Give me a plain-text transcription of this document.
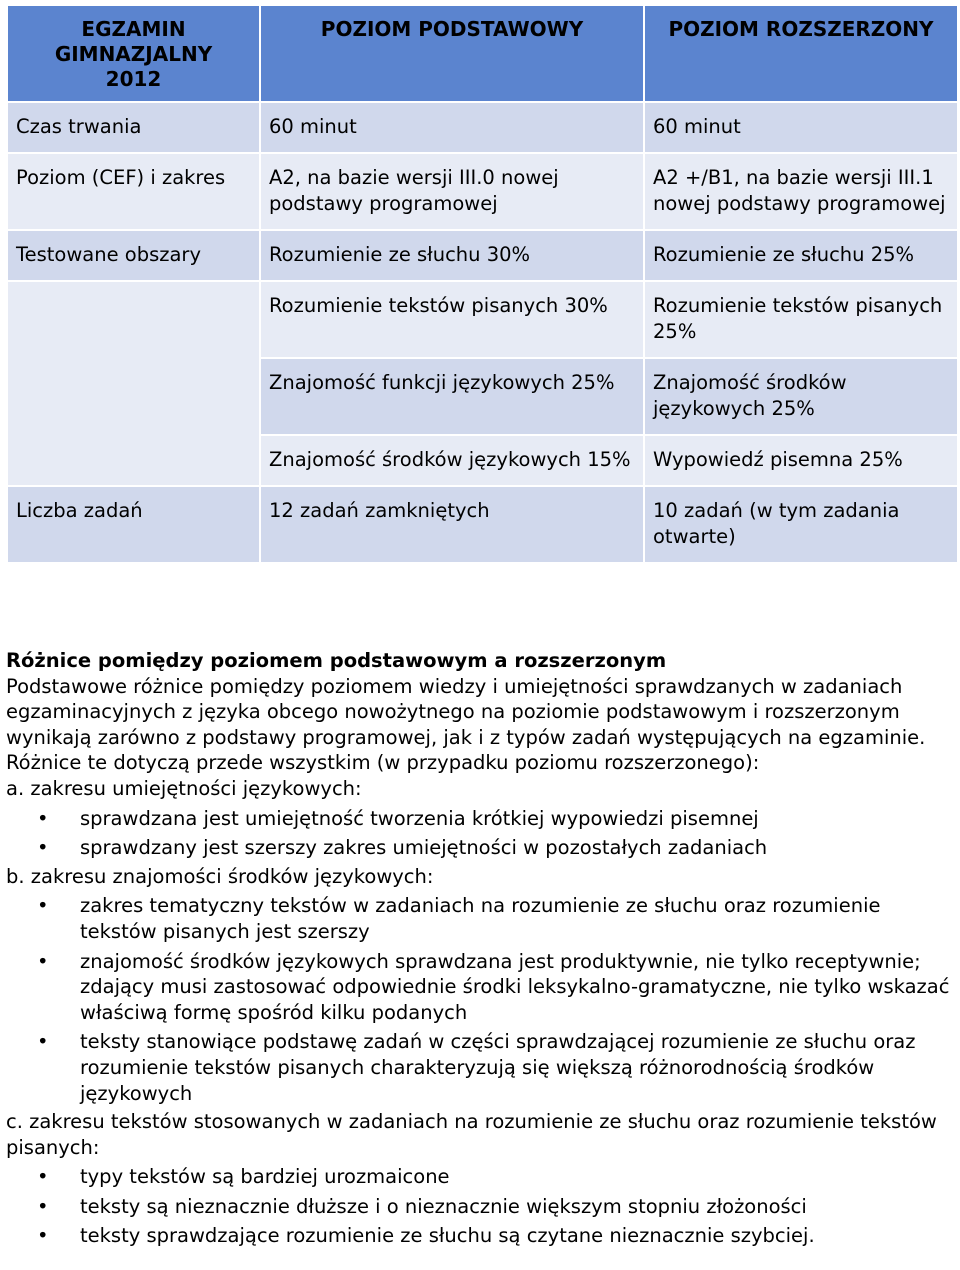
EGZAMIN GIMNAZJALNY 2012	POZIOM PODSTAWOWY	POZIOM ROZSZERZONY
Czas trwania	60 minut	60 minut
Poziom (CEF) i zakres	A2, na bazie wersji III.0 nowej podstawy programowej	A2 +/B1, na bazie wersji III.1 nowej podstawy programowej
Testowane obszary	Rozumienie ze słuchu 30%	Rozumienie ze słuchu 25%
	Rozumienie tekstów pisanych 30%	Rozumienie tekstów pisanych 25%
	Znajomość funkcji językowych 25%	Znajomość środków językowych 25%
	Znajomość środków językowych 15%	Wypowiedź pisemna 25%
Liczba zadań	12 zadań zamkniętych	10 zadań (w tym zadania otwarte)

Różnice pomiędzy poziomem podstawowym a rozszerzonym

Podstawowe różnice pomiędzy poziomem wiedzy i umiejętności sprawdzanych w zadaniach egzaminacyjnych z języka obcego nowożytnego na poziomie podstawowym i rozszerzonym wynikają zarówno z podstawy programowej, jak i z typów zadań występujących na egzaminie.

Różnice te dotyczą przede wszystkim (w przypadku poziomu rozszerzonego):

a. zakresu umiejętności językowych:

• sprawdzana jest umiejętność tworzenia krótkiej wypowiedzi pisemnej
• sprawdzany jest szerszy zakres umiejętności w pozostałych zadaniach

b. zakresu znajomości środków językowych:

• zakres tematyczny tekstów w zadaniach na rozumienie ze słuchu oraz rozumienie tekstów pisanych jest szerszy
• znajomość środków językowych sprawdzana jest produktywnie, nie tylko receptywnie; zdający musi zastosować odpowiednie środki leksykalno-gramatyczne, nie tylko wskazać właściwą formę spośród kilku podanych
• teksty stanowiące podstawę zadań w części sprawdzającej rozumienie ze słuchu oraz rozumienie tekstów pisanych charakteryzują się większą różnorodnością środków językowych

c. zakresu tekstów stosowanych w zadaniach na rozumienie ze słuchu oraz rozumienie tekstów pisanych:

• typy tekstów są bardziej urozmaicone
• teksty są nieznacznie dłuższe i o nieznacznie większym stopniu złożoności
• teksty sprawdzające rozumienie ze słuchu są czytane nieznacznie szybciej.
